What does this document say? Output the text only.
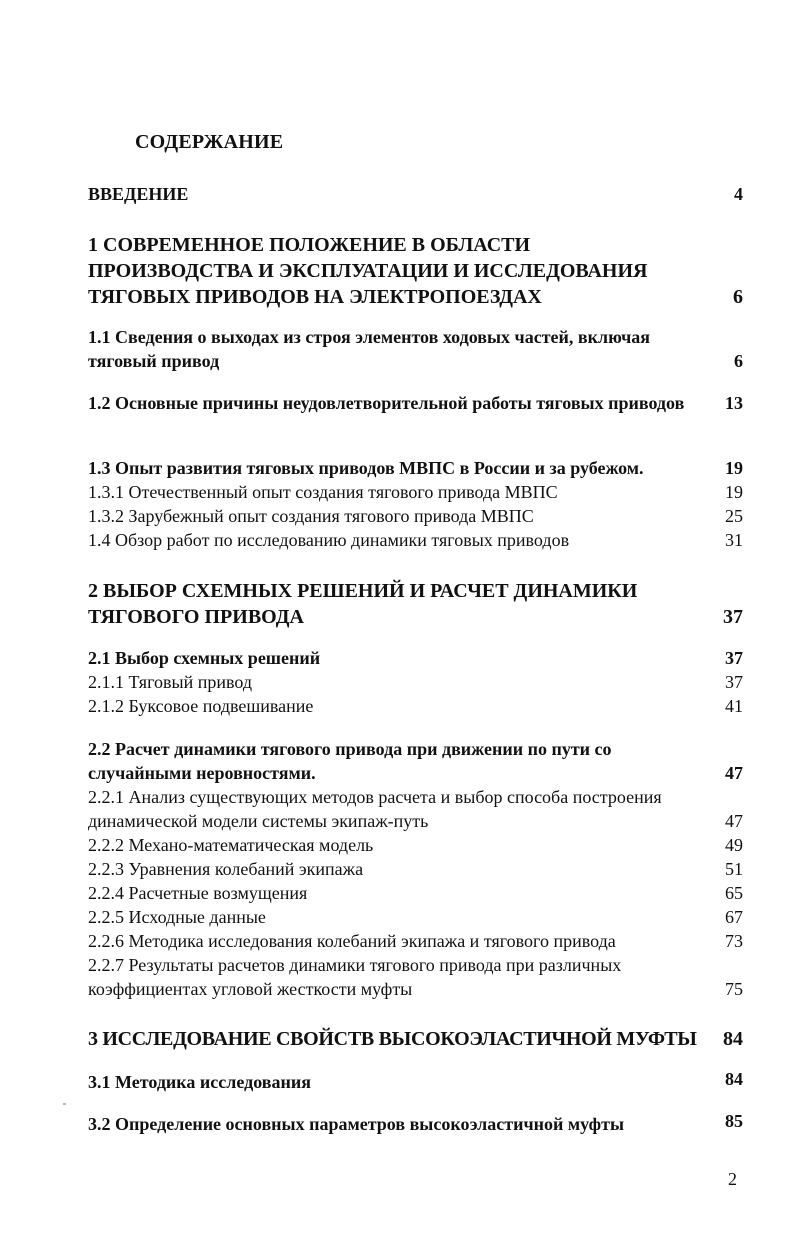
СОДЕРЖАНИЕ
ВВЕДЕНИЕ	4
1 СОВРЕМЕННОЕ ПОЛОЖЕНИЕ В ОБЛАСТИ ПРОИЗВОДСТВА И ЭКСПЛУАТАЦИИ И ИССЛЕДОВАНИЯ ТЯГОВЫХ ПРИВОДОВ НА ЭЛЕКТРОПОЕЗДАХ	6
1.1 Сведения о выходах из строя элементов ходовых частей, включая тяговый привод	6
1.2 Основные причины неудовлетворительной работы тяговых приводов	13
1.3 Опыт развития тяговых приводов МВПС в России и за рубежом.	19
1.3.1 Отечественный опыт создания тягового привода МВПС	19
1.3.2 Зарубежный опыт создания тягового привода МВПС	25
1.4 Обзор работ по исследованию динамики тяговых приводов	31
2 ВЫБОР СХЕМНЫХ РЕШЕНИЙ И РАСЧЕТ ДИНАМИКИ ТЯГОВОГО ПРИВОДА	37
2.1 Выбор схемных решений	37
2.1.1 Тяговый привод	37
2.1.2 Буксовое подвешивание	41
2.2 Расчет динамики тягового привода при движении по пути со случайными неровностями.	47
2.2.1 Анализ существующих методов расчета и выбор способа построения динамической модели системы экипаж-путь	47
2.2.2 Механо-математическая модель	49
2.2.3 Уравнения колебаний экипажа	51
2.2.4 Расчетные возмущения	65
2.2.5 Исходные данные	67
2.2.6 Методика исследования колебаний экипажа и тягового привода	73
2.2.7 Результаты расчетов динамики тягового привода при различных коэффициентах угловой жесткости муфты	75
3 ИССЛЕДОВАНИЕ СВОЙСТВ ВЫСОКОЭЛАСТИЧНОЙ МУФТЫ	84
3.1 Методика исследования	84
3.2 Определение основных параметров высокоэластичной муфты	85
2
